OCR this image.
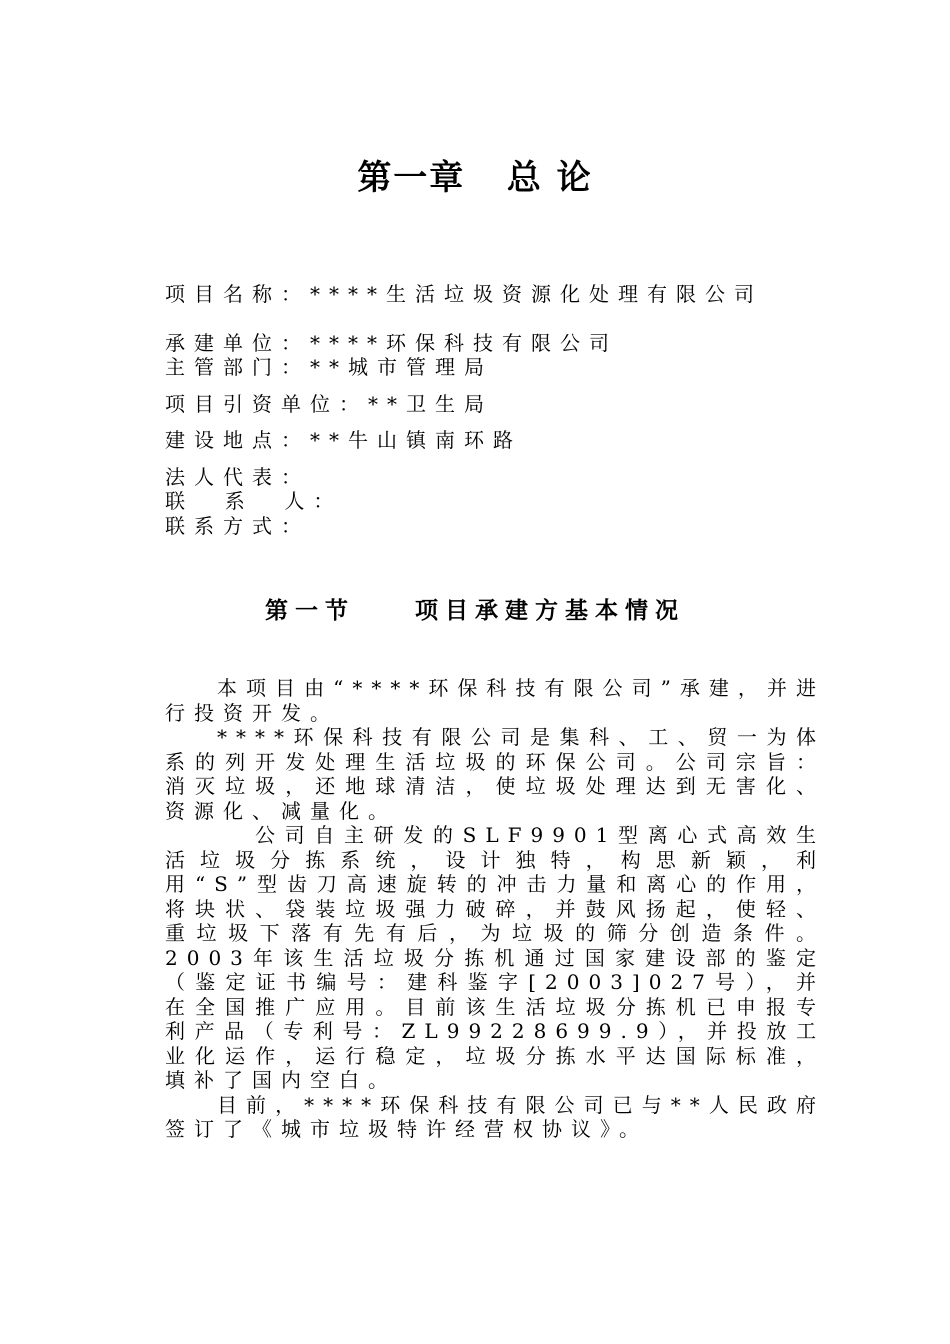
第一章   总 论
项目名称：****生活垃圾资源化处理有限公司
承建单位：****环保科技有限公司
主管部门：**城市管理局
项目引资单位：**卫生局
建设地点：**牛山镇南环路
法人代表：
联  系  人：
联系方式：
第一节    项目承建方基本情况

本项目由“****环保科技有限公司”承建，并进行投资开发。

****环保科技有限公司是集科、工、贸一为体系的列开发处理生活垃圾的环保公司。公司宗旨：消灭垃圾，还地球清洁，使垃圾处理达到无害化、资源化、减量化。

公司自主研发的SLF9901型离心式高效生活垃圾分拣系统，设计独特，构思新颖，利用“S”型齿刀高速旋转的冲击力量和离心的作用，将块状、袋装垃圾强力破碎，并鼓风扬起，使轻、重垃圾下落有先有后，为垃圾的筛分创造条件。2003年该生活垃圾分拣机通过国家建设部的鉴定（鉴定证书编号：建科鉴字[2003]027号），并在全国推广应用。目前该生活垃圾分拣机已申报专利产品（专利号：ZL99228699.9），并投放工业化运作，运行稳定，垃圾分拣水平达国际标准，填补了国内空白。

目前，****环保科技有限公司已与**人民政府签订了《城市垃圾特许经营权协议》。
